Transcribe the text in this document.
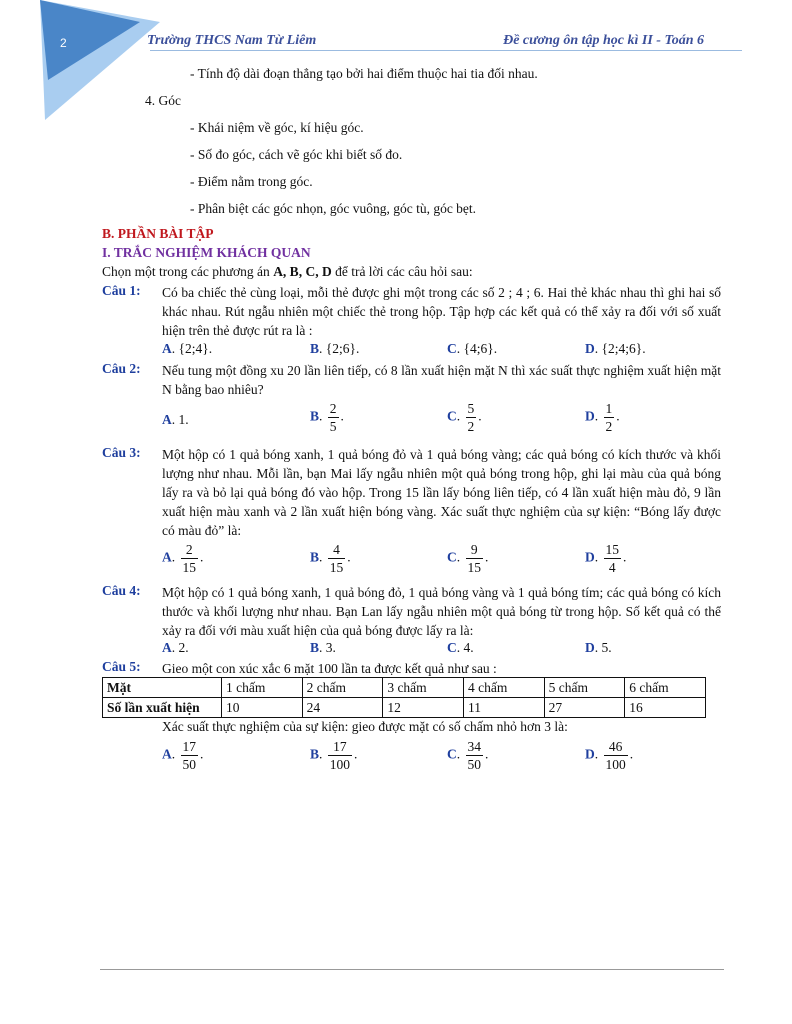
2	Trường THCS Nam Từ Liêm	Đề cương ôn tập học kì II - Toán 6
- Tính độ dài đoạn thẳng tạo bởi hai điểm thuộc hai tia đối nhau.
4. Góc
- Khái niệm về góc, kí hiệu góc.
- Số đo góc, cách vẽ góc khi biết số đo.
- Điểm nằm trong góc.
- Phân biệt các góc nhọn, góc vuông, góc tù, góc bẹt.
B. PHẦN BÀI TẬP
I. TRẮC NGHIỆM KHÁCH QUAN
Chọn một trong các phương án A, B, C, D để trả lời các câu hỏi sau:
Câu 1: Có ba chiếc thẻ cùng loại, mỗi thẻ được ghi một trong các số 2 ; 4 ; 6. Hai thẻ khác nhau thì ghi hai số khác nhau. Rút ngẫu nhiên một chiếc thẻ trong hộp. Tập hợp các kết quả có thể xảy ra đối với số xuất hiện trên thẻ được rút ra là :
A. {2;4}.	B. {2;6}.	C. {4;6}.	D. {2;4;6}.
Câu 2: Nếu tung một đồng xu 20 lần liên tiếp, có 8 lần xuất hiện mặt N thì xác suất thực nghiệm xuất hiện mặt N bằng bao nhiêu?
A. 1.	B. $\frac{2}{5}$ .	C. $\frac{5}{2}$ .	D. $\frac{1}{2}$ .
Câu 3: Một hộp có 1 quả bóng xanh, 1 quả bóng đỏ và 1 quả bóng vàng; các quả bóng có kích thước và khối lượng như nhau. Mỗi lần, bạn Mai lấy ngẫu nhiên một quả bóng trong hộp, ghi lại màu của quả bóng lấy ra và bỏ lại quả bóng đó vào hộp. Trong 15 lần lấy bóng liên tiếp, có 4 lần xuất hiện màu đỏ, 9 lần xuất hiện màu xanh và 2 lần xuất hiện bóng vàng. Xác suất thực nghiệm của sự kiện: “Bóng lấy được có màu đỏ” là:
A. $\frac{2}{15}$ .	B. $\frac{4}{15}$ .	C. $\frac{9}{15}$ .	D. $\frac{15}{4}$ .
Câu 4: Một hộp có 1 quả bóng xanh, 1 quả bóng đỏ, 1 quả bóng vàng và 1 quả bóng tím; các quả bóng có kích thước và khối lượng như nhau. Bạn Lan lấy ngẫu nhiên một quả bóng từ trong hộp. Số kết quả có thể xảy ra đối với màu xuất hiện của quả bóng được lấy ra là:
A. 2.	B. 3.	C. 4.	D. 5.
Câu 5: Gieo một con xúc xắc 6 mặt 100 lần ta được kết quả như sau :
Mặt	1 chấm	2 chấm	3 chấm	4 chấm	5 chấm	6 chấm
Số lần xuất hiện	10	24	12	11	27	16
Xác suất thực nghiệm của sự kiện: gieo được mặt có số chấm nhỏ hơn 3 là:
A. $\frac{17}{50}$ .	B. $\frac{17}{100}$ .	C. $\frac{34}{50}$ .	D. $\frac{46}{100}$ .
